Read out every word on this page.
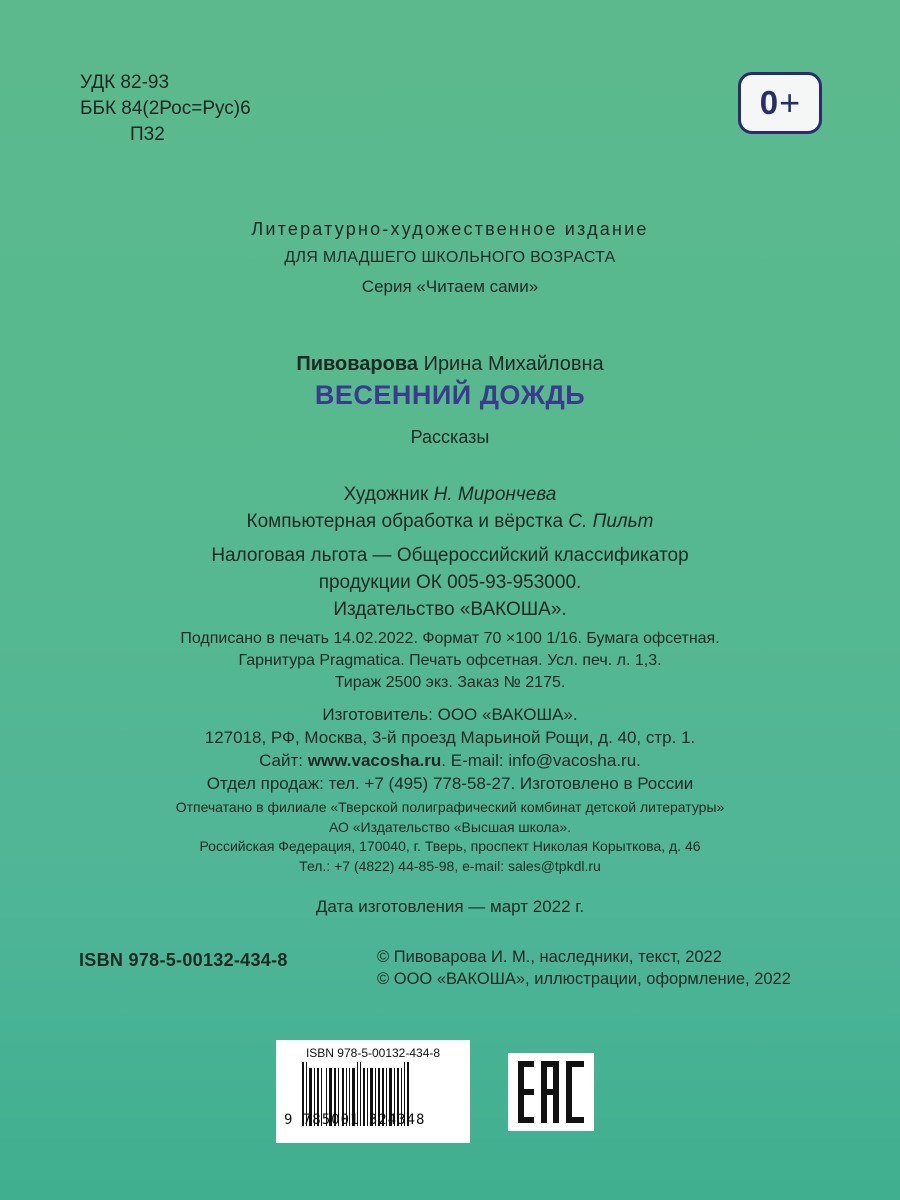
УДК 82-93
ББК 84(2Рос=Рус)6
П32
0 +
Литературно-художественное издание
ДЛЯ МЛАДШЕГО ШКОЛЬНОГО ВОЗРАСТА
Серия «Читаем сами»
Пивоварова Ирина Михайловна
ВЕСЕННИЙ ДОЖДЬ
Рассказы
Художник Н. Мирончева
Компьютерная обработка и вёрстка С. Пильт
Налоговая льгота — Общероссийский классификатор
продукции ОК 005-93-953000.
Издательство «ВАКОША».
Подписано в печать 14.02.2022. Формат 70 ×100 1/16. Бумага офсетная.
Гарнитура Pragmatica. Печать офсетная. Усл. печ. л. 1,3.
Тираж 2500 экз. Заказ № 2175.
Изготовитель: ООО «ВАКОША».
127018, РФ, Москва, 3-й проезд Марьиной Рощи, д. 40, стр. 1.
Сайт: www.vacosha.ru. E-mail: info@vacosha.ru.
Отдел продаж: тел. +7 (495) 778-58-27. Изготовлено в России
Отпечатано в филиале «Тверской полиграфический комбинат детской литературы»
АО «Издательство «Высшая школа».
Российская Федерация, 170040, г. Тверь, проспект Николая Корыткова, д. 46
Тел.: +7 (4822) 44-85-98, e-mail: sales@tpkdl.ru
Дата изготовления — март 2022 г.
ISBN 978-5-00132-434-8	© Пивоварова И. М., наследники, текст, 2022
© ООО «ВАКОША», иллюстрации, оформление, 2022
ISBN 978-5-00132-434-8
9 785001 324348
